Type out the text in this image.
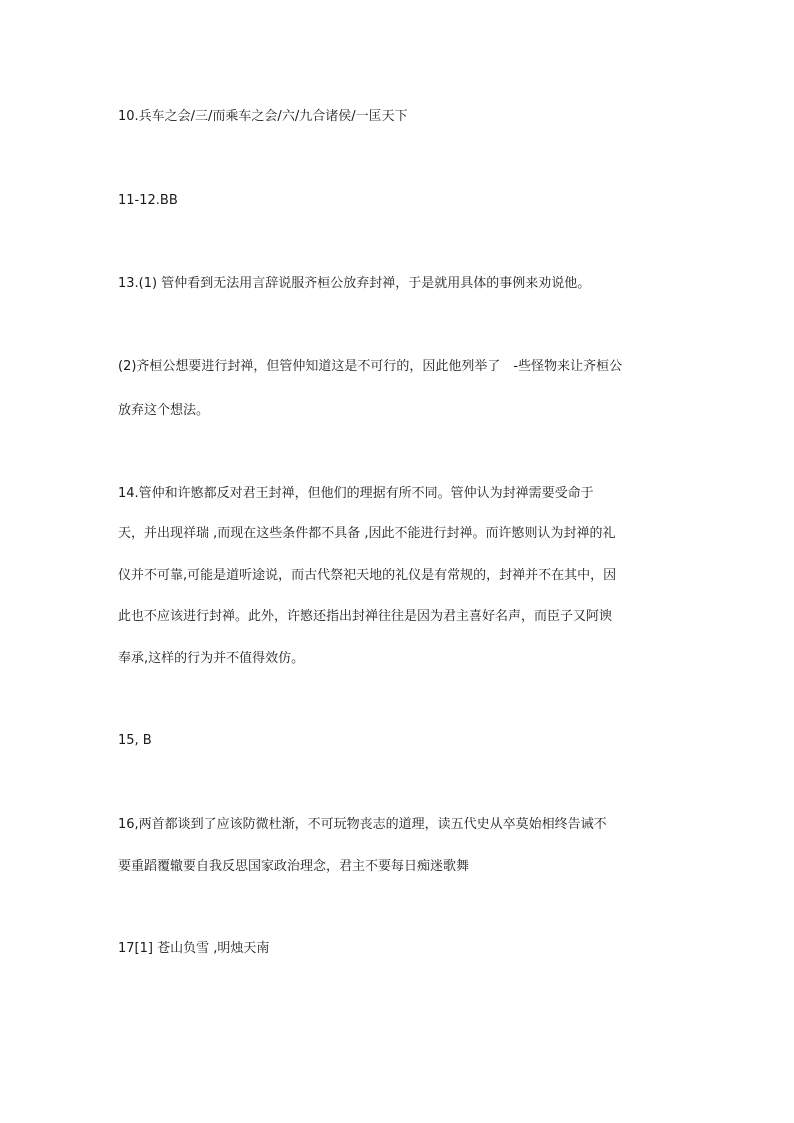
10.兵车之会/三/而乘车之会/六/九合诸侯/一匡天下
11-12.BB
13.(1) 管仲看到无法用言辞说服齐桓公放弃封禅，于是就用具体的事例来劝说他。
(2)齐桓公想要进行封禅，但管仲知道这是不可行的，因此他列举了　-些怪物来让齐桓公
放弃这个想法。
14.管仲和许慜都反对君王封禅，但他们的理据有所不同。管仲认为封禅需要受命于
天，并出现祥瑞 ,而现在这些条件都不具备 ,因此不能进行封禅。而许慜则认为封禅的礼
仪并不可靠,可能是道听途说，而古代祭祀天地的礼仪是有常规的，封禅并不在其中，因
此也不应该进行封禅。此外，许慜还指出封禅往往是因为君主喜好名声，而臣子又阿谀
奉承,这样的行为并不值得效仿。
15, B
16,两首都谈到了应该防微杜渐，不可玩物丧志的道理，读五代史从卒莫始相终告诫不
要重蹈覆辙要自我反思国家政治理念，君主不要每日痴迷歌舞
17[1] 苍山负雪 ,明烛天南
